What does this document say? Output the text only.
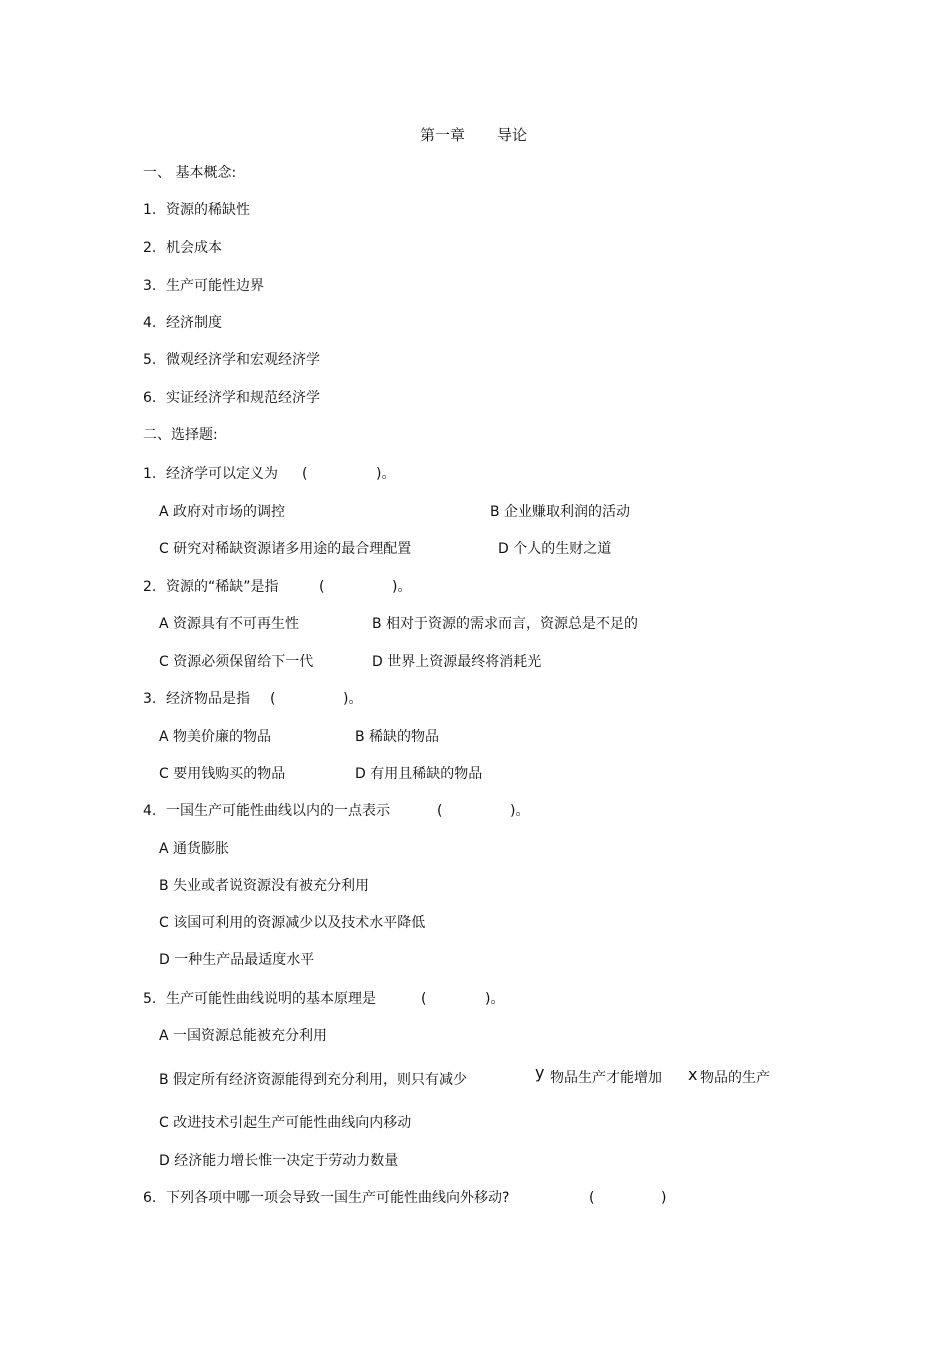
第一章 导论
一、 基本概念:
1. 资源的稀缺性
2. 机会成本
3. 生产可能性边界
4. 经济制度
5. 微观经济学和宏观经济学
6. 实证经济学和规范经济学
二、选择题:
1. 经济学可以定义为 (	)。
A 政府对市场的调控	B 企业赚取利润的活动
C 研究对稀缺资源诸多用途的最合理配置	D 个人的生财之道
2. 资源的“稀缺”是指	(	)。
A 资源具有不可再生性	B 相对于资源的需求而言，资源总是不足的
C 资源必须保留给下一代	D 世界上资源最终将消耗光
3. 经济物品是指 (	)。
A 物美价廉的物品	B 稀缺的物品
C 要用钱购买的物品	D 有用且稀缺的物品
4. 一国生产可能性曲线以内的一点表示	(	)。
A 通货膨胀
B 失业或者说资源没有被充分利用
C 该国可利用的资源减少以及技术水平降低
D 一种生产品最适度水平
5. 生产可能性曲线说明的基本原理是	(	)。
A 一国资源总能被充分利用
B 假定所有经济资源能得到充分利用，则只有减少	y 物品生产才能增加 x 物品的生产
C 改进技术引起生产可能性曲线向内移动
D 经济能力增长惟一决定于劳动力数量
6. 下列各项中哪一项会导致一国生产可能性曲线向外移动?	(	)
